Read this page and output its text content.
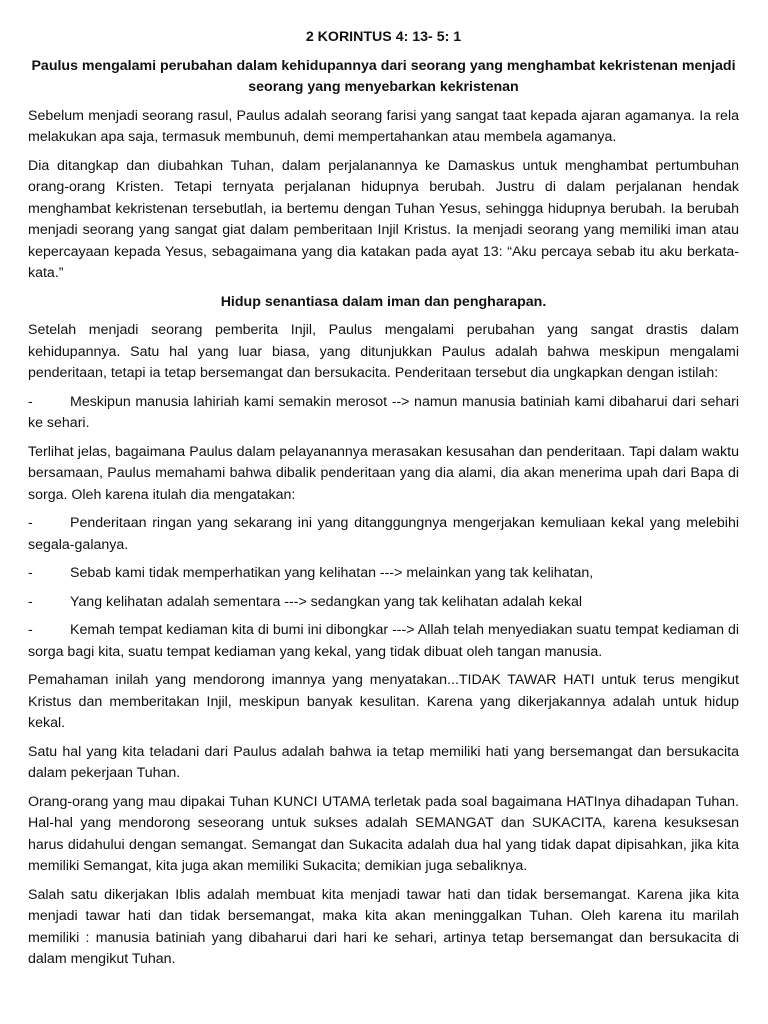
2 KORINTUS 4: 13- 5: 1

Paulus mengalami perubahan dalam kehidupannya dari seorang yang menghambat kekristenan menjadi seorang yang menyebarkan kekristenan

Sebelum menjadi seorang rasul, Paulus adalah seorang farisi yang sangat taat kepada ajaran agamanya. Ia rela melakukan apa saja, termasuk membunuh, demi mempertahankan atau membela agamanya.

Dia ditangkap dan diubahkan Tuhan, dalam perjalanannya ke Damaskus untuk menghambat pertumbuhan orang-orang Kristen. Tetapi ternyata perjalanan hidupnya berubah. Justru di dalam perjalanan hendak menghambat kekristenan tersebutlah, ia bertemu dengan Tuhan Yesus, sehingga hidupnya berubah. Ia berubah menjadi seorang yang sangat giat dalam pemberitaan Injil Kristus. Ia menjadi seorang yang memiliki iman atau kepercayaan kepada Yesus, sebagaimana yang dia katakan pada ayat 13: “Aku percaya sebab itu aku berkata-kata.”

Hidup senantiasa dalam iman dan pengharapan.

Setelah menjadi seorang pemberita Injil, Paulus mengalami perubahan yang sangat drastis dalam kehidupannya. Satu hal yang luar biasa, yang ditunjukkan Paulus adalah bahwa meskipun mengalami penderitaan, tetapi ia tetap bersemangat dan bersukacita. Penderitaan tersebut dia ungkapkan dengan istilah:

-	Meskipun manusia lahiriah kami semakin merosot --> namun manusia batiniah kami dibaharui dari sehari ke sehari.

Terlihat jelas, bagaimana Paulus dalam pelayanannya merasakan kesusahan dan penderitaan. Tapi dalam waktu bersamaan, Paulus memahami bahwa dibalik penderitaan yang dia alami, dia akan menerima upah dari Bapa di sorga. Oleh karena itulah dia mengatakan:

-	Penderitaan ringan yang sekarang ini yang ditanggungnya mengerjakan kemuliaan kekal yang melebihi segala-galanya.

-	Sebab kami tidak memperhatikan yang kelihatan ---> melainkan yang tak kelihatan,

-	Yang kelihatan adalah sementara ---> sedangkan yang tak kelihatan adalah kekal

-	Kemah tempat kediaman kita di bumi ini dibongkar ---> Allah telah menyediakan suatu tempat kediaman di sorga bagi kita, suatu tempat kediaman yang kekal, yang tidak dibuat oleh tangan manusia.

Pemahaman inilah yang mendorong imannya yang menyatakan...TIDAK TAWAR HATI untuk terus mengikut Kristus dan memberitakan Injil, meskipun banyak kesulitan. Karena yang dikerjakannya adalah untuk hidup kekal.

Satu hal yang kita teladani dari Paulus adalah bahwa ia tetap memiliki hati yang bersemangat dan bersukacita dalam pekerjaan Tuhan.

Orang-orang yang mau dipakai Tuhan KUNCI UTAMA terletak pada soal bagaimana HATInya dihadapan Tuhan. Hal-hal yang mendorong seseorang untuk sukses adalah SEMANGAT dan SUKACITA, karena kesuksesan harus didahului dengan semangat. Semangat dan Sukacita adalah dua hal yang tidak dapat dipisahkan, jika kita memiliki Semangat, kita juga akan memiliki Sukacita; demikian juga sebaliknya.

Salah satu dikerjakan Iblis adalah membuat kita menjadi tawar hati dan tidak bersemangat. Karena jika kita menjadi tawar hati dan tidak bersemangat, maka kita akan meninggalkan Tuhan. Oleh karena itu marilah memiliki : manusia batiniah yang dibaharui dari hari ke sehari, artinya tetap bersemangat dan bersukacita di dalam mengikut Tuhan.
